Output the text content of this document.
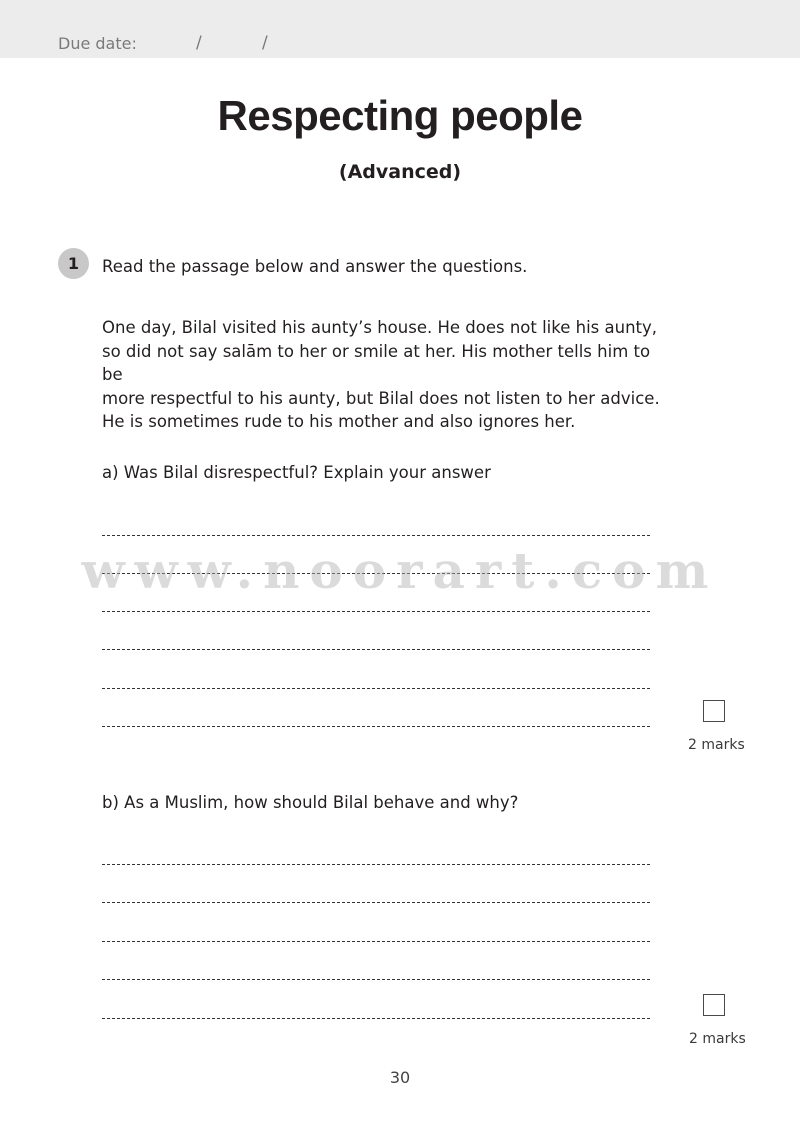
Due date:	/	/
Respecting people
(Advanced)
1	Read the passage below and answer the questions.
One day, Bilal visited his aunty’s house. He does not like his aunty,
so did not say salām to her or smile at her. His mother tells him to be
more respectful to his aunty, but Bilal does not listen to her advice.
He is sometimes rude to his mother and also ignores her.
a) Was Bilal disrespectful? Explain your answer
2 marks
b) As a Muslim, how should Bilal behave and why?
2 marks
30
www.noorart.com
